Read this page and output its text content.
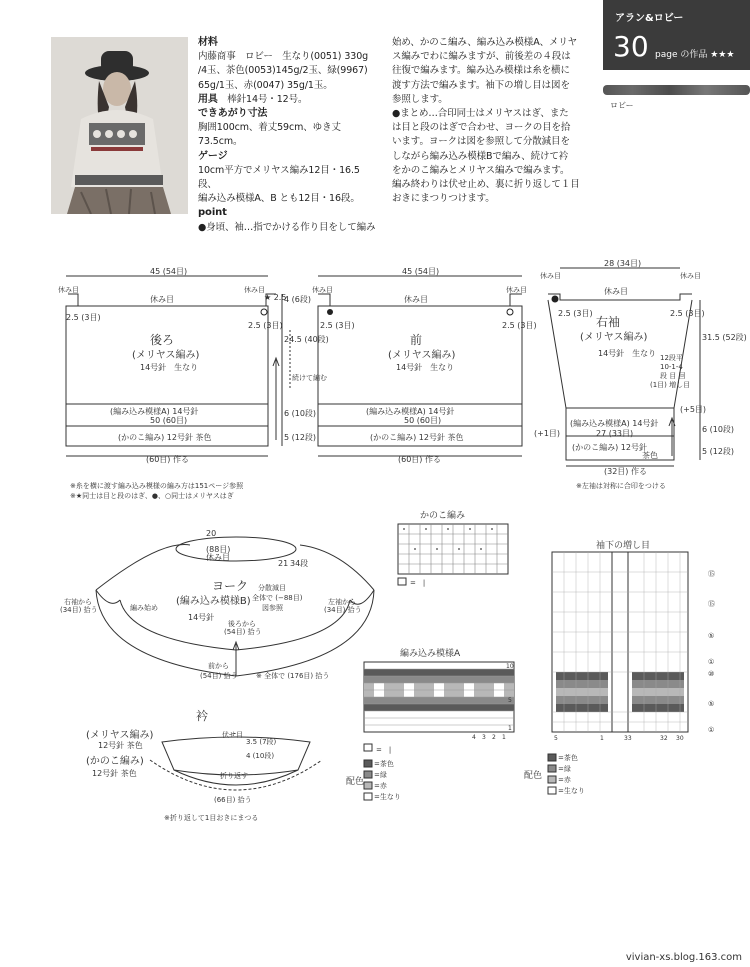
材料
内藤商事　ロビー　生なり(0051) 330g
/4玉、茶色(0053)145g/2玉、緑(9967)
65g/1玉、赤(0047) 35g/1玉。
用具　 棒針14号・12号。
できあがり寸法
胸囲100cm、着丈59cm、ゆき丈73.5cm。
ゲージ
10cm平方でメリヤス編み12目・16.5段、
編み込み模様A、B とも12目・16段。
point
●身頃、袖…指でかける作り目をして編み
始め、かのこ編み、編み込み模様A、メリヤ
ス編みでわに編みますが、前後差の４段は
往復で編みます。編み込み模様は糸を横に
渡す方法で編みます。袖下の増し目は図を
参照します。
●まとめ…合印同士はメリヤスはぎ、また
は目と段のはぎで合わせ、ヨークの目を拾
います。ヨークは図を参照して分散減目を
しながら編み込み模様Bで編み、続けて衿
をかのこ編みとメリヤス編みで編みます。
編み終わりは伏せ止め、裏に折り返して１目
おきにまつりつけます。
アラン&ロビー
30 page の作品 ★★★
ロビー
45 (54目)
休み目
後ろ
(メリヤス編み)
14号針　生なり
(編み込み模様A) 14号針
50 (60目)
(かのこ編み) 12号針 茶色
(60目) 作る
2.5 (3目)
2.5 (3目)
★ 2.5
24.5 (40段)
4 (6段)
続けて編む
6 (10段)
5 (12段)
休み目	休み目
45 (54目)
休み目
前
(メリヤス編み)
14号針　生なり
(編み込み模様A) 14号針
50 (60目)
(かのこ編み) 12号針 茶色
(60目) 作る
2.5 (3目)	2.5 (3目)
休み目	休み目
28 (34目)
休み目
右袖
(メリヤス編み)
14号針　生なり
2.5 (3目)	2.5 (3目)
12段平
10-1-4
段 目 回
(1目) 増し目
(編み込み模様A) 14号針
27 (33目)
(かのこ編み) 12号針
茶色
(32目) 作る
31.5 (52段)
6 (10段)
5 (12段)
(+5目)
(+1目)
※左袖は対称に合印をつける
休み目	休み目
※糸を横に渡す編み込み模様の編み方は151ページ参照
※★同士は目と段のはぎ、●、○同士はメリヤスはぎ
20
(88目)
休み目
21 34段
ヨーク
(編み込み模様B)
14号針
分散減目
全体で (−88目)
図参照
編み始め
右袖から
(34目) 拾う
左袖から
(34目) 拾う
後ろから
(54目) 拾う
前から
(54目) 拾う	※ 全体で (176目) 拾う
衿
(メリヤス編み)
12号針 茶色
(かのこ編み)
12号針 茶色
伏せ目
折り返す
3.5 (7段)
4 (10段)
(66目) 拾う
※折り返して1目おきにまつる
かのこ編み
=　|
編み込み模様A
=　|
4 3 2 1
10
5
1
袖下の増し目
5	1	33	32 30
⑮
⑮
⑤
①
⑩
⑤
①
配色
=茶色
=緑
=赤
=生なり
配色
=茶色
=緑
=赤
=生なり
vivian-xs.blog.163.com
